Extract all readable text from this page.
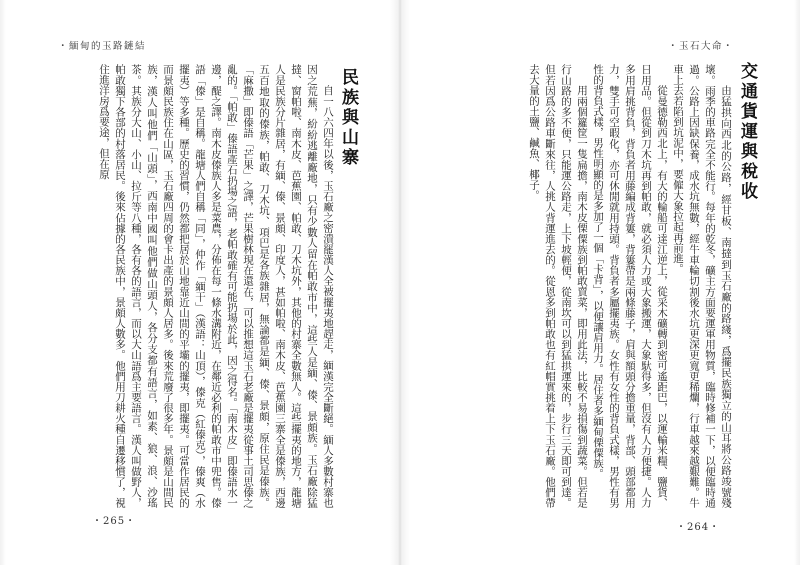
・玉石大命・
交通貨運與稅收

由猛拱向西北的公路，經甘板、南撻到玉石廠的路綫，爲擺民族獨立的山耳將公路竣號殘壞。雨季的車路完全不能行。每年的乾冬，礦主方面要運軍用物質，臨時修補一下，以便臨時通過。公路上因缺保養，成水坑無數，經牛車輪切割後水坑更深更寬更稀爛，行車越來越艱難。牛車上去若陷到坑泥中，要僱大象拉起再前進。

從曼德勒西北上，有大的輪船可達江逆上，從采木礦轉到密可遙距巴，以運輸米糧、鹽貨、日用品。但從到刀木坑再到帕敢，就必須人力或大象搬運，大象馱得多，但沒有人力便捷。人力多用肩挑背負，背負者用藤編成背簍，背簍帶是兩條藤子，肩與額頭分擔重量，背部、頭部都用力，雙手可空暇化，亦可休閒就用持頭。背負者多屬擺夷族。女性有女性的背負式樣，男性有男性的背負式樣，男性明顯的是多加了一個「卡背」，以便讓肩用力。居住者多緬甸傈僳族。

用兩個籮筐一隻扁擔，南木皮傈僳族到帕敢賣菜，即用此法，比較不易損傷到蔬菜。但若是行山路的多不便，只能運公路走，上下坡輕便，從南坎可以到猛拱運來的，步行三天即可到達。但若因爲公路車斷來往，人挑人背運進去的。從恩多到帕敢也有紅帽實挑着上下玉石廠。他們帶去大量的土鹽、鹹魚、椰子。

・264・
・緬甸的玉路鏈結
民族與山寨

自一八六四年以後，玉石廠之密潰罷漢人全被擺夷地趕走，緬漢完全斷絕。緬人多數村寨也因之荒蕪，紛紛逃離廠地，只有少數人留在帕敢市中，這些人是緬、傣、景頗族。玉石廠除猛撻、窗帕啦、南木皮、芭蕉園、帕敢、刀木坑外，其他的村寨全數無人。這些擺夷的地方，龍塘人是民族分片雜居，有緬、傣、景頗、印度人，甚如帕啦、南木皮、芭蕉園三寨全是傣族，西邊五百地取的傣族，帕敢、刀木坑、項巴是各族雜居，無論都是緬、傣、景頗，原住民是傣族。「麻撒」即傣語「芒果」之譯，芒果樹林現在還在，可以推想這玉石老廠是擺夷從事土司思傣之亂的。「帕敢」傣語產石扔場之語，老帕敢確有可能扔場於此，因之得名。「南木皮」即傣語水一邊，醍之譯。南木皮傣族人多是菜農，分佈在每一條水溝附近，在鄰近必利的帕敢市中兜售。傣語「傣」是自稱。龍塘人們自稱「同」，仲作「緬干」（漢語：山頂），傣克（紅傣克），傣爽（水擺夷）等多種。歷史的習慣，仍然都把居於山地靠近山間的平壩的擺夷，即擺夷。可當作居民的而景頗民族住在山區，玉石廠四周的會卡出產的景頗人居多。後來荒廢了很多年。景頗是山間民族，漢人叫他們「山頭」，西南中國叫他們做山頭人，各分支都有語言，如素、狼、浪、沙瑤茶。其族分大山、小山、拉斤等八種，各有各的語言，而以大山語爲主要語言。漢人叫做野人，帕敢獨下各部的村落居民。後來佔據的各民族中，景頗人數多。他們用刀耕火種自遷移慣了，視住進洋房爲要途，但在原

・265・
